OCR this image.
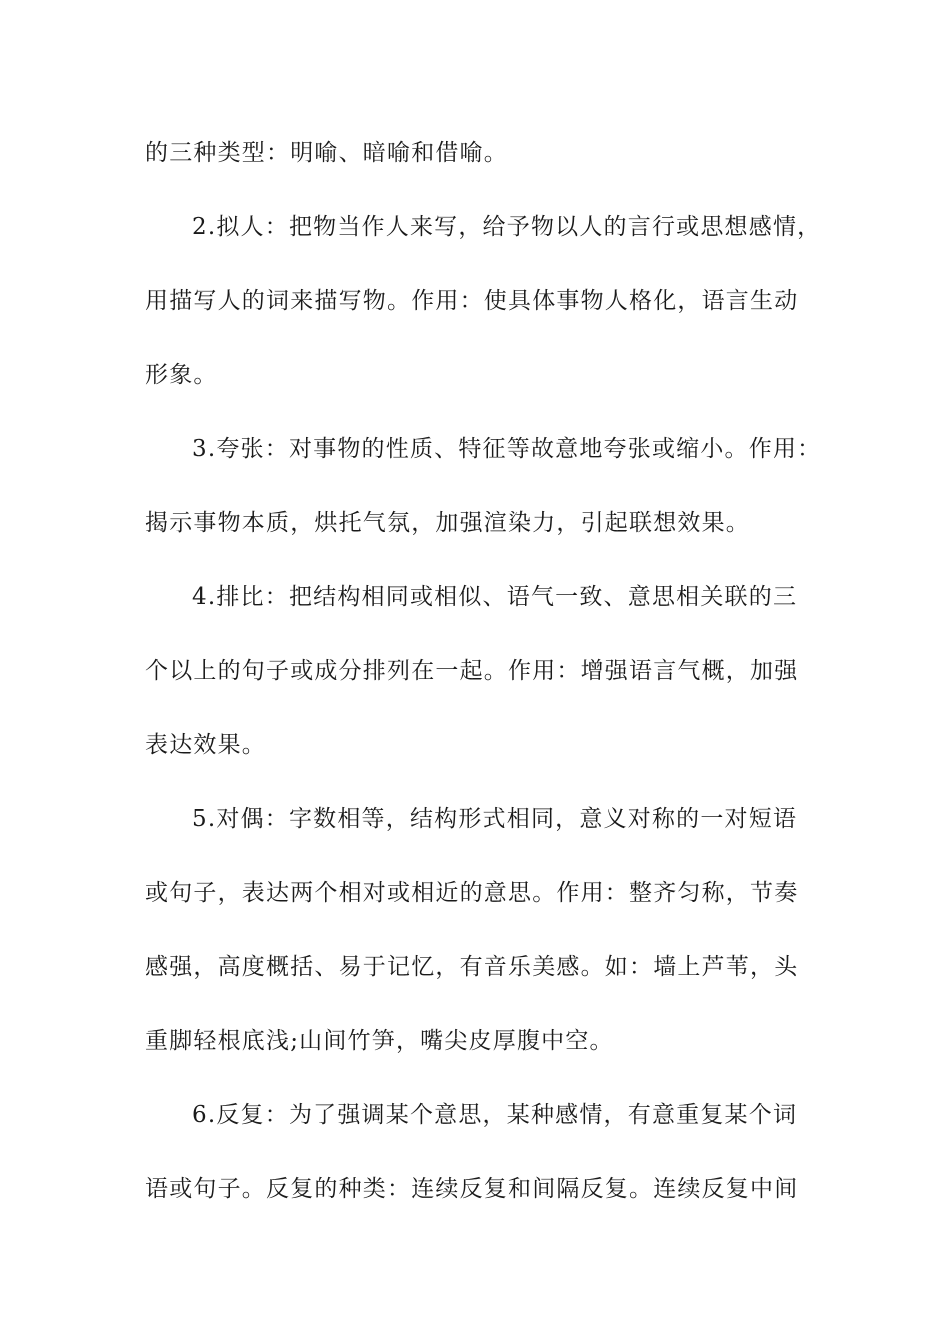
的三种类型：明喻、暗喻和借喻。
2.拟人：把物当作人来写，给予物以人的言行或思想感情，
用描写人的词来描写物。作用：使具体事物人格化，语言生动
形象。
3.夸张：对事物的性质、特征等故意地夸张或缩小。作用：
揭示事物本质，烘托气氛，加强渲染力，引起联想效果。
4.排比：把结构相同或相似、语气一致、意思相关联的三
个以上的句子或成分排列在一起。作用：增强语言气概，加强
表达效果。
5.对偶：字数相等，结构形式相同，意义对称的一对短语
或句子，表达两个相对或相近的意思。作用：整齐匀称，节奏
感强，高度概括、易于记忆，有音乐美感。如：墙上芦苇，头
重脚轻根底浅;山间竹笋，嘴尖皮厚腹中空。
6.反复：为了强调某个意思，某种感情，有意重复某个词
语或句子。反复的种类：连续反复和间隔反复。连续反复中间
